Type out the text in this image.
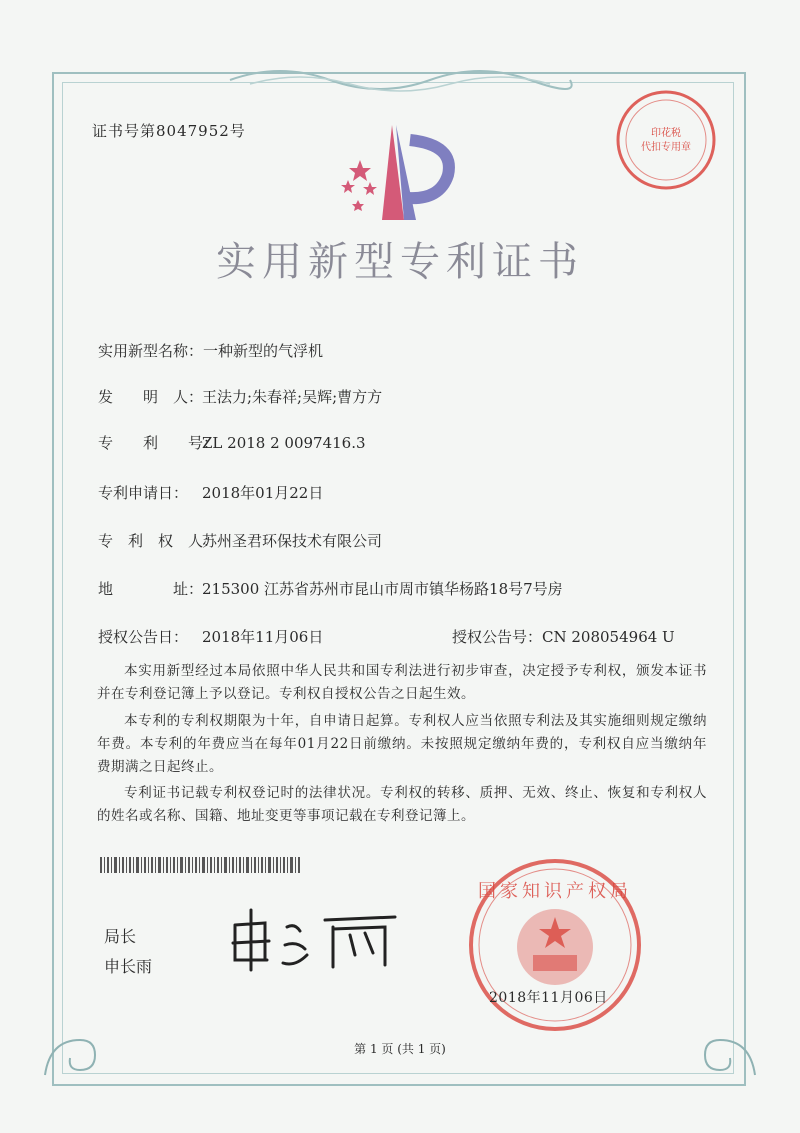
证书号第8047952号
实用新型专利证书
实用新型名称：一种新型的气浮机
发　　明　人：王法力;朱春祥;吴辉;曹方方
专　　利　　号：ZL 2018 2 0097416.3
专利申请日： 2018年01月22日
专　利　权　人：苏州圣君环保技术有限公司
地　　　　址：215300 江苏省苏州市昆山市周市镇华杨路18号7号房
授权公告日： 2018年11月06日	授权公告号：CN 208054964 U
本实用新型经过本局依照中华人民共和国专利法进行初步审查，决定授予专利权，颁发本证书并在专利登记簿上予以登记。专利权自授权公告之日起生效。
本专利的专利权期限为十年，自申请日起算。专利权人应当依照专利法及其实施细则规定缴纳年费。本专利的年费应当在每年01月22日前缴纳。未按照规定缴纳年费的，专利权自应当缴纳年费期满之日起终止。
专利证书记载专利权登记时的法律状况。专利权的转移、质押、无效、终止、恢复和专利权人的姓名或名称、国籍、地址变更等事项记载在专利登记簿上。
局长
申长雨
印花税
代扣专用章
国家知识产权局
2018年11月06日
第 1 页 (共 1 页)
